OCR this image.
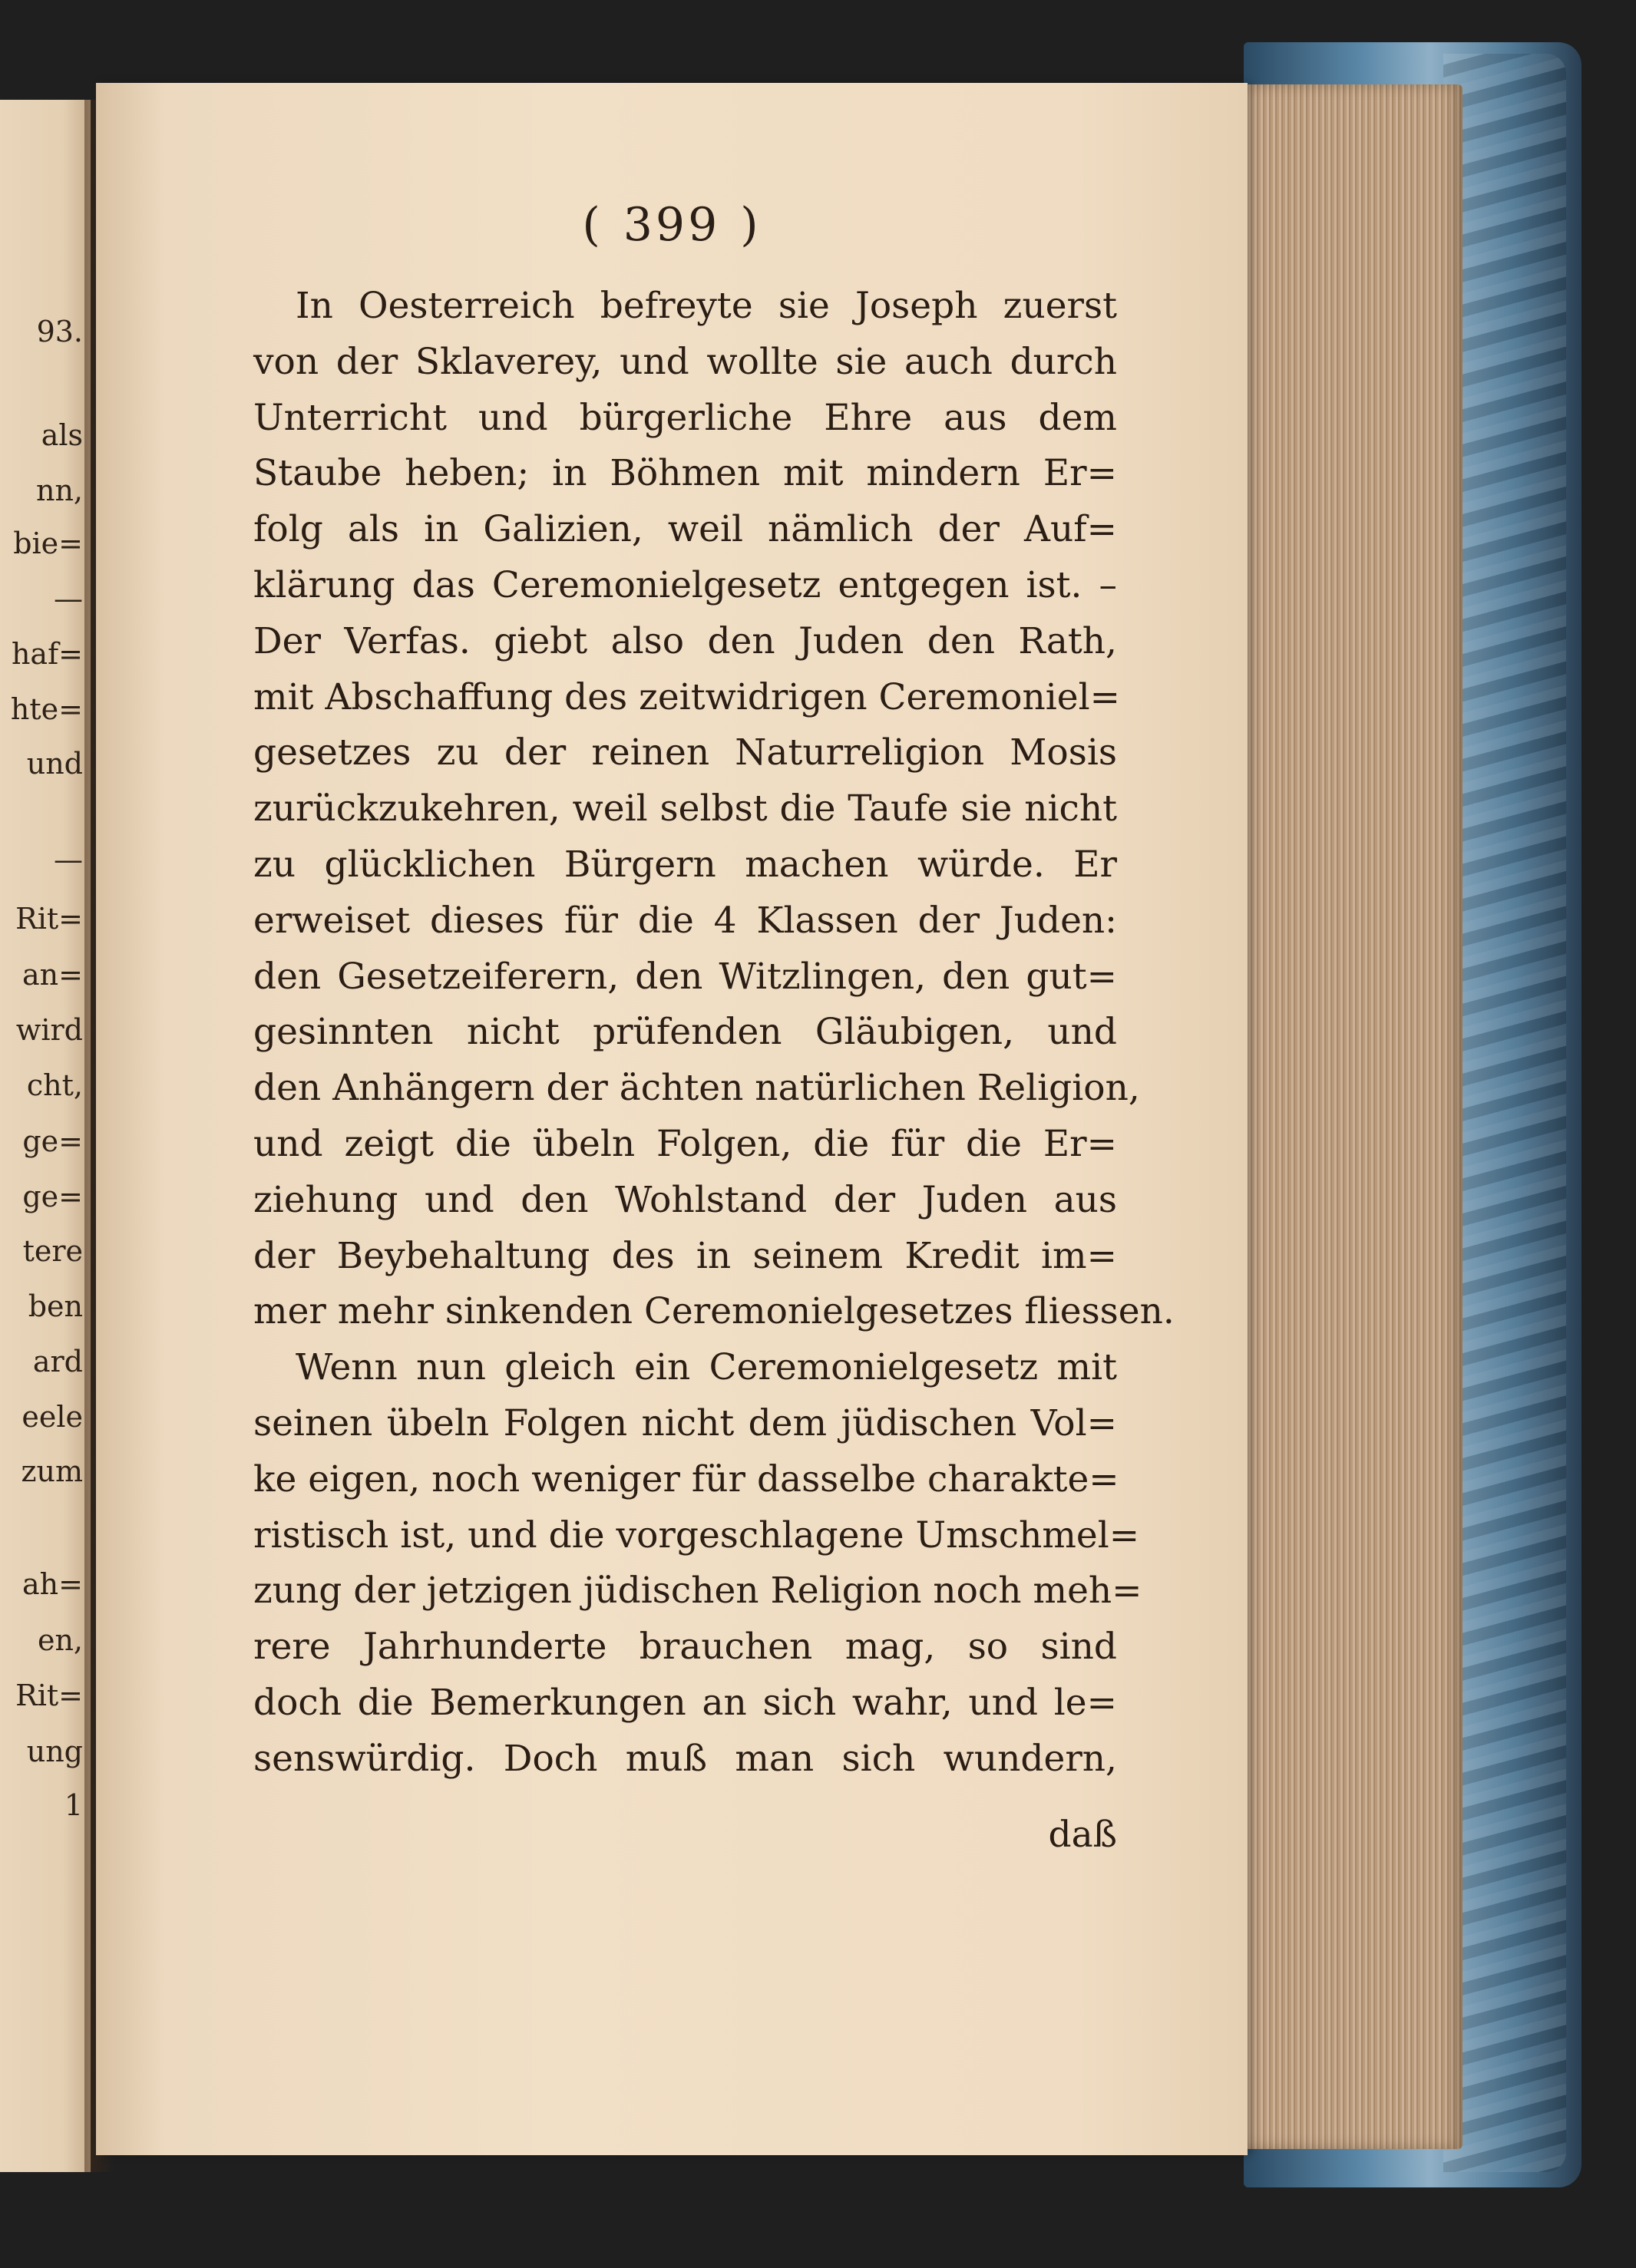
93.
als
nn,
bie=
—
haf=
hte=
und
—
Rit=
an=
wird
cht,
ge=
ge=
tere
ben
ard
eele
zum
ah=
en,
Rit=
ung
1
( 399 )
In Oesterreich befreyte sie Joseph zuerst
von der Sklaverey, und wollte sie auch durch
Unterricht und bürgerliche Ehre aus dem
Staube heben; in Böhmen mit mindern Er=
folg als in Galizien, weil nämlich der Auf=
klärung das Ceremonielgesetz entgegen ist. –
Der Verfas. giebt also den Juden den Rath,
mit Abschaffung des zeitwidrigen Ceremoniel=
gesetzes zu der reinen Naturreligion Mosis
zurückzukehren, weil selbst die Taufe sie nicht
zu glücklichen Bürgern machen würde. Er
erweiset dieses für die 4 Klassen der Juden:
den Gesetzeiferern, den Witzlingen, den gut=
gesinnten nicht prüfenden Gläubigen, und
den Anhängern der ächten natürlichen Religion,
und zeigt die übeln Folgen, die für die Er=
ziehung und den Wohlstand der Juden aus
der Beybehaltung des in seinem Kredit im=
mer mehr sinkenden Ceremonielgesetzes fliessen.
Wenn nun gleich ein Ceremonielgesetz mit
seinen übeln Folgen nicht dem jüdischen Vol=
ke eigen, noch weniger für dasselbe charakte=
ristisch ist, und die vorgeschlagene Umschmel=
zung der jetzigen jüdischen Religion noch meh=
rere Jahrhunderte brauchen mag, so sind
doch die Bemerkungen an sich wahr, und le=
senswürdig. Doch muß man sich wundern,
daß
